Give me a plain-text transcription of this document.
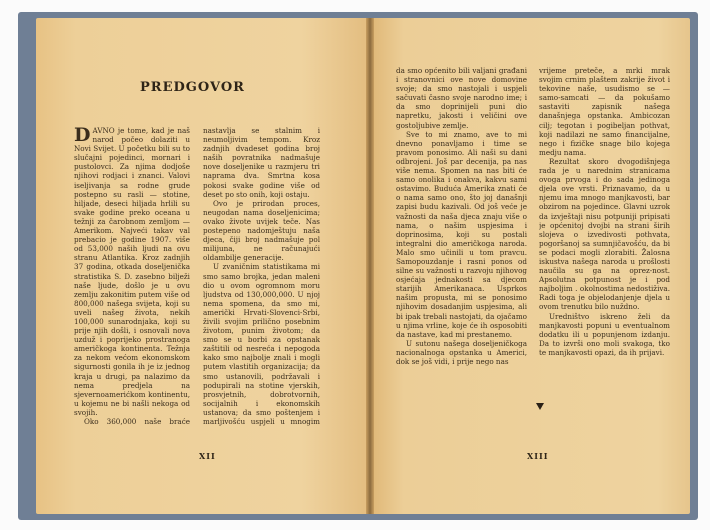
PREDGOVOR

DAVNO je tome, kad je naš narod počeo dolaziti u Novi Svijet. U početku bili su to slučajni pojedinci, mornari i pustolovci. Za njima dodjoše njihovi rodjaci i znanci. Valovi iseljivanja sa rodne grude postepno su rasli — stotine, hiljade, deseci hiljada hrlili su svake godine preko oceana u težnji za čarobnom zemljom — Amerikom. Najveći takav val prebacio je godine 1907. više od 53,000 naših ljudi na ovu stranu Atlantika. Kroz zadnjih 37 godina, otkada doseljenička stratistika S. D. zasebno bilježi naše ljude, došlo je u ovu zemlju zakonitim putem više od 800,000 našega svijeta, koji su uveli našeg života, nekih 100,000 sunarodnjaka, koji su prije njih došli, i osnovali nova uzduž i poprijeko prostranoga američkoga kontinenta. Težnja za nekom većom ekonomskom sigurnosti gonila ih je iz jednog kraja u drugi, pa nalazimo da nema predjela na sjevernoamerićkom kontinentu, u kojemu ne bi našli nekoga od svojih.

Oko 360,000 naše braće

nastavlja se stalnim i neumoljivim tempom. Kroz zadnjih dvadeset godina broj naših povratnika nadmašuje nove doseljenike u razmjeru tri naprama dva. Smrtna kosa pokosi svake godine više od deset po sto onih, koji ostaju.

Ovo je prirodan proces, neugodan nama doseljenicima; ovako živote uvijek teče. Nas postepeno nadomještuju naša djeca, čiji broj nadmašuje pol milijuna, ne računajući oldambilje generacije.

U zvaničnim statistikama mi smo samo brojka, jedan maleni dio u ovom ogromnom moru ljudstva od 130,000,000. U njoj nema spomena, da smo mi, američki Hrvati-Slovenci-Srbi, živili svojim prilično posebnim životom, punim životom; da smo se u borbi za opstanak zaštitili od nesreća i nepogoda kako smo najbolje znali i mogli putem vlastitih organizacija; da smo ustanovili, podržavali i podupirali na stotine vjerskih, prosvjetnih, dobrotvornih, socijalnih i ekonomskih ustanova; da smo poštenjem i marljivošću uspjeli u mnogim

XII

da smo općenito bili valjani građani i stranovnici ove nove domovine svoje; da smo nastojali i uspjeli sačuvati časno svoje narodno ime; i da smo doprinijeli puni dio napretku, jakosti i veličini ove gostoljubive zemlje.

Sve to mi znamo, ave to mi dnevno ponavljamo i time se pravom ponosimo. Ali naši su dani odbrojeni. Još par decenija, pa nas više nema. Spomen na nas biti će samo onolika i onakva, kakvu sami ostavimo. Buduća Amerika znati će o nama samo ono, što joj današnji zapisi budu kazivali. Od još veće je važnosti da naša djeca znaju više o nama, o našim uspjesima i doprinosima, koji su postali integralni dio američkoga naroda. Malo smo učinili u tom pravcu. Samopouzdanje i rasni ponos od silne su važnosti u razvoju njihovog osjećaja jednakosti sa djecom starijih Amerikanaca. Usprkos našim propusta, mi se ponosimo njihovim dosadanjim uspjesima, ali bi ipak trebali nastojati, da ojačamo u njima vrline, koje će ih osposobiti da nastave, kad mi prestanemo.

U sutonu našega doseljeničkoga nacionalnoga opstanka u Americi, dok se još vidi, i prije nego nas

vrijeme preteče, a mrki mrak svojim crnim plaštem zakrije život i tekovine naše, usudismo se — samo-samcati — da pokušamo sastaviti zapisnik našega današnjega opstanka. Ambicozan cilj; tegotan i pogibeljan pothvat, koji nadilazi ne samo financijalne, nego i fizičke snage bilo kojega medju nama.

Rezultat skoro dvogodišnjega rada je u narednim stranicama ovoga prvoga i do sada jedinoga djela ove vrsti. Priznavamo, da u njemu ima mnogo manjkavosti, bar obzirom na pojedince. Glavni uzrok da izvještaji nisu potpuniji pripisati je općenitoj dvojbi na strani širih slojeva o izvedivosti pothvata, pogoršanoj sa sumnjičavošću, da bi se podaci mogli zlorabiti. Žalosna iskustva našega naroda u prošlosti naučila su ga na oprez-nost. Apsolutna potpunost je i pod najboljim . okolnostima nedostiživa. Radi toga je objelodanjenje djela u ovom trenutku bilo nuždno.

Uredništvo iskreno želi da manjkavosti popuni u eventualnom dodatku ili u popunjenom izdanju. Da to izvrši ono moli svakoga, tko te manjkavosti opazi, da ih prijavi.

XIII
